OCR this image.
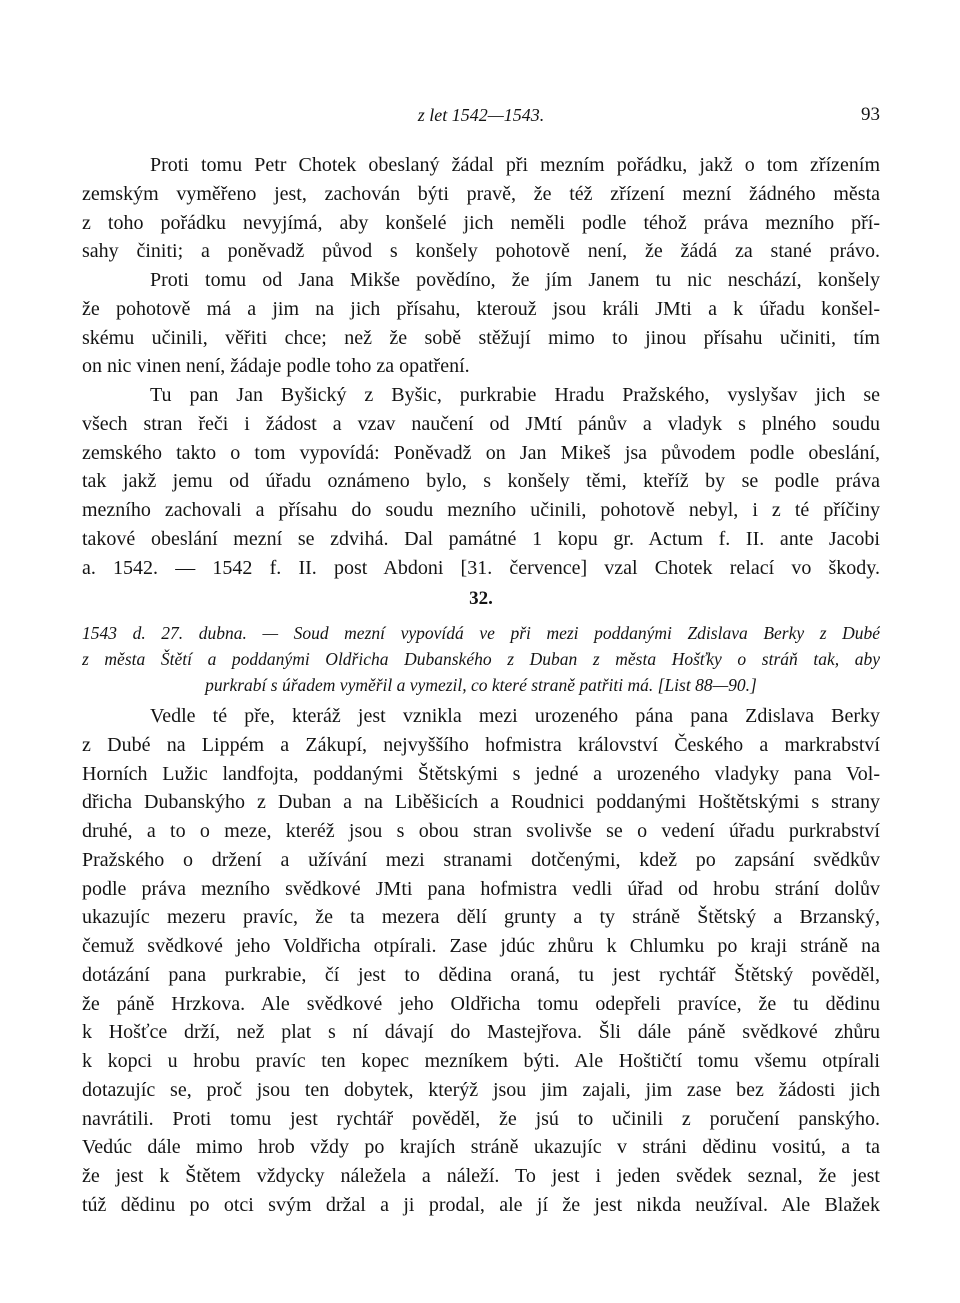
z let 1542—1543.	93
Proti tomu Petr Chotek obeslaný žádal při mezním pořádku, jakž o tom zřízením
zemským vyměřeno jest, zachován býti pravě, že též zřízení mezní žádného města
z toho pořádku nevyjímá, aby konšelé jich neměli podle téhož práva mezního pří-
sahy činiti; a poněvadž původ s konšely pohotově není, že žádá za stané právo.
Proti tomu od Jana Mikše povědíno, že jím Janem tu nic neschází, konšely
že pohotově má a jim na jich přísahu, kterouž jsou králi JMti a k úřadu konšel-
skému učinili, věřiti chce; než že sobě stěžují mimo to jinou přísahu učiniti, tím
on nic vinen není, žádaje podle toho za opatření.
Tu pan Jan Byšický z Byšic, purkrabie Hradu Pražského, vyslyšav jich se
všech stran řeči i žádost a vzav naučení od JMtí pánův a vladyk s plného soudu
zemského takto o tom vypovídá: Poněvadž on Jan Mikeš jsa původem podle obeslání,
tak jakž jemu od úřadu oznámeno bylo, s konšely těmi, kteříž by se podle práva
mezního zachovali a přísahu do soudu mezního učinili, pohotově nebyl, i z té příčiny
takové obeslání mezní se zdvihá. Dal památné 1 kopu gr. Actum f. II. ante Jacobi
a. 1542. — 1542 f. II. post Abdoni [31. července] vzal Chotek relací vo škody.
32.
1543 d. 27. dubna. — Soud mezní vypovídá ve při mezi poddanými Zdislava Berky z Dubé
z města Štětí a poddanými Oldřicha Dubanského z Duban z města Hošťky o stráň tak, aby
purkrabí s úřadem vyměřil a vymezil, co které straně patřiti má. [List 88—90.]
Vedle té pře, kteráž jest vznikla mezi urozeného pána pana Zdislava Berky
z Dubé na Lippém a Zákupí, nejvyššího hofmistra království Českého a markrabství
Horních Lužic landfojta, poddanými Štětskými s jedné a urozeného vladyky pana Vol-
dřicha Dubanskýho z Duban a na Liběšicích a Roudnici poddanými Hoštětskými s strany
druhé, a to o meze, kteréž jsou s obou stran svolivše se o vedení úřadu purkrabství
Pražského o držení a užívání mezi stranami dotčenými, kdež po zapsání svědkův
podle práva mezního svědkové JMti pana hofmistra vedli úřad od hrobu strání dolův
ukazujíc mezeru pravíc, že ta mezera dělí grunty a ty stráně Štětský a Brzanský,
čemuž svědkové jeho Voldřicha otpírali. Zase jdúc zhůru k Chlumku po kraji stráně na
dotázání pana purkrabie, čí jest to dědina oraná, tu jest rychtář Štětský pověděl,
že páně Hrzkova. Ale svědkové jeho Oldřicha tomu odepřeli pravíce, že tu dědinu
k Hošťce drží, než plat s ní dávají do Mastejřova. Šli dále páně svědkové zhůru
k kopci u hrobu pravíc ten kopec mezníkem býti. Ale Hoštičtí tomu všemu otpírali
dotazujíc se, proč jsou ten dobytek, kterýž jsou jim zajali, jim zase bez žádosti jich
navrátili. Proti tomu jest rychtář pověděl, že jsú to učinili z poručení panskýho.
Vedúc dále mimo hrob vždy po krajích stráně ukazujíc v stráni dědinu vositú, a ta
že jest k Štětem vždycky náležela a náleží. To jest i jeden svědek seznal, že jest
túž dědinu po otci svým držal a ji prodal, ale jí že jest nikda neužíval. Ale Blažek
